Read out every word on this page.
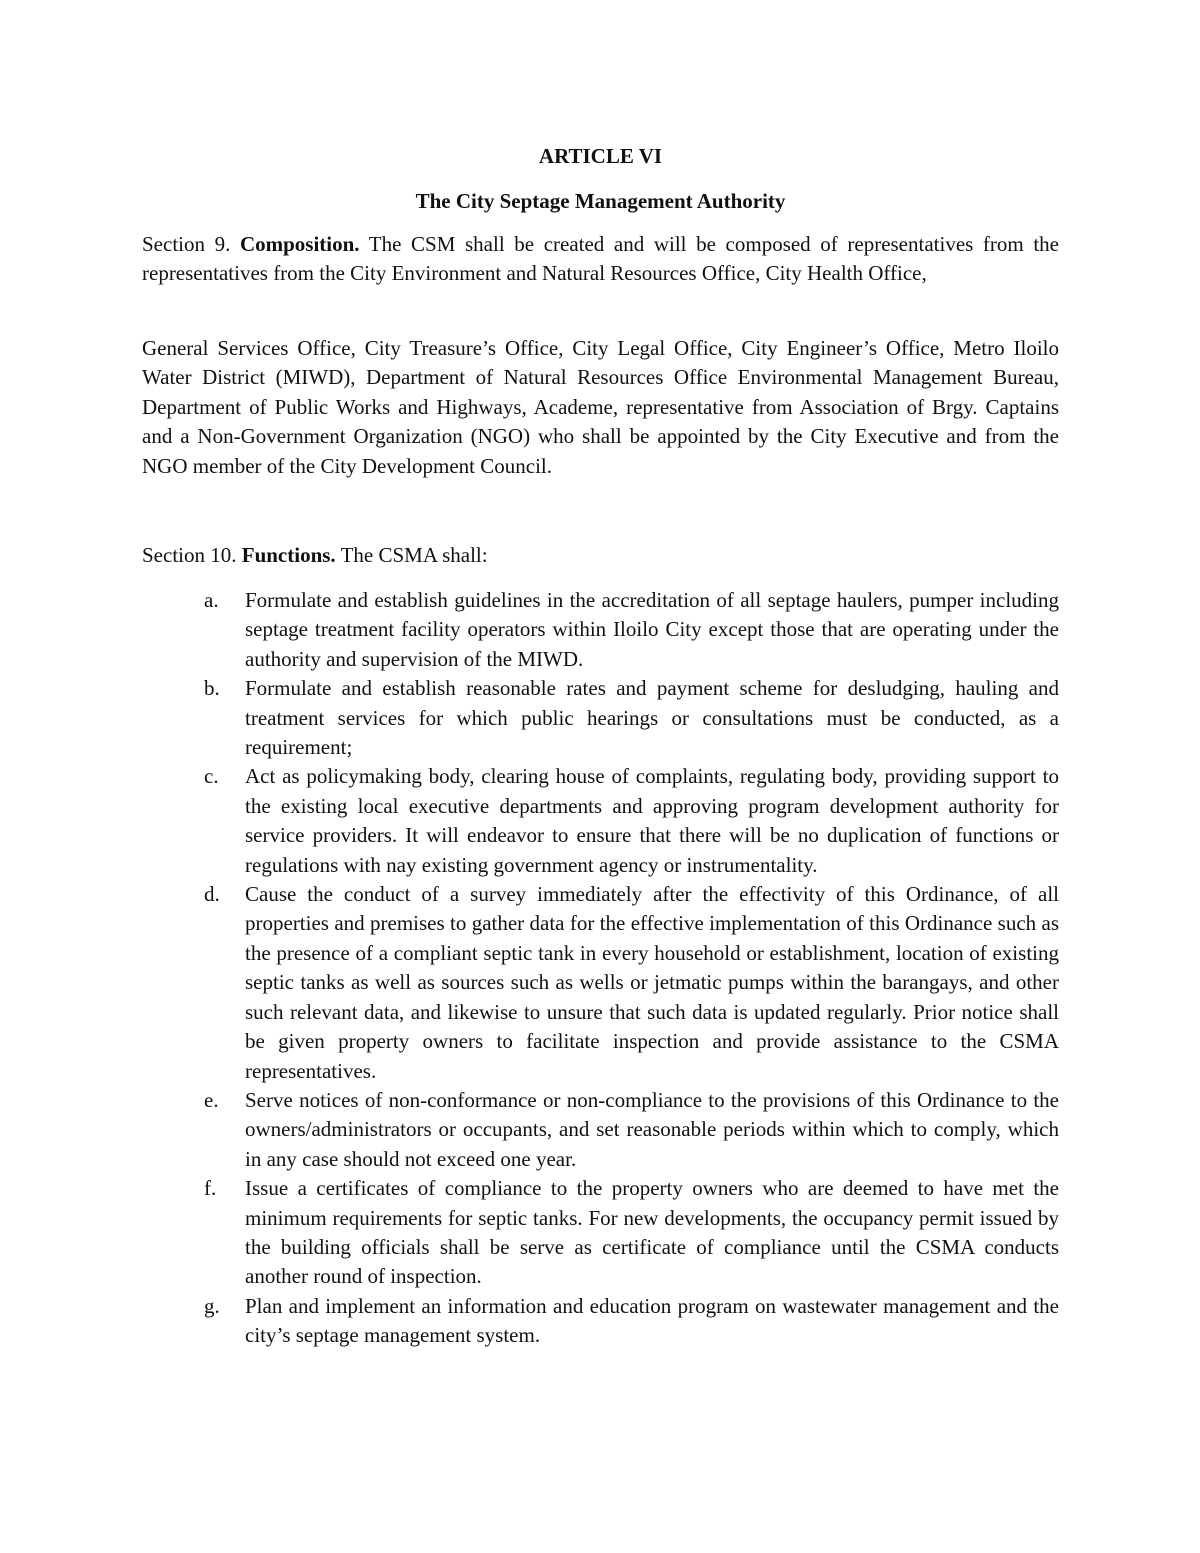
ARTICLE VI

The City Septage Management Authority

Section 9. Composition. The CSM shall be created and will be composed of representatives from the representatives from the City Environment and Natural Resources Office, City Health Office,

General Services Office, City Treasure’s Office, City Legal Office, City Engineer’s Office, Metro Iloilo Water District (MIWD), Department of Natural Resources Office Environmental Management Bureau, Department of Public Works and Highways, Academe, representative from Association of Brgy. Captains and a Non-Government Organization (NGO) who shall be appointed by the City Executive and from the NGO member of the City Development Council.

Section 10. Functions. The CSMA shall:

a. Formulate and establish guidelines in the accreditation of all septage haulers, pumper including septage treatment facility operators within Iloilo City except those that are operating under the authority and supervision of the MIWD.
b. Formulate and establish reasonable rates and payment scheme for desludging, hauling and treatment services for which public hearings or consultations must be conducted, as a requirement;
c. Act as policymaking body, clearing house of complaints, regulating body, providing support to the existing local executive departments and approving program development authority for service providers. It will endeavor to ensure that there will be no duplication of functions or regulations with nay existing government agency or instrumentality.
d. Cause the conduct of a survey immediately after the effectivity of this Ordinance, of all properties and premises to gather data for the effective implementation of this Ordinance such as the presence of a compliant septic tank in every household or establishment, location of existing septic tanks as well as sources such as wells or jetmatic pumps within the barangays, and other such relevant data, and likewise to unsure that such data is updated regularly. Prior notice shall be given property owners to facilitate inspection and provide assistance to the CSMA representatives.
e. Serve notices of non-conformance or non-compliance to the provisions of this Ordinance to the owners/administrators or occupants, and set reasonable periods within which to comply, which in any case should not exceed one year.
f. Issue a certificates of compliance to the property owners who are deemed to have met the minimum requirements for septic tanks. For new developments, the occupancy permit issued by the building officials shall be serve as certificate of compliance until the CSMA conducts another round of inspection.
g. Plan and implement an information and education program on wastewater management and the city’s septage management system.
